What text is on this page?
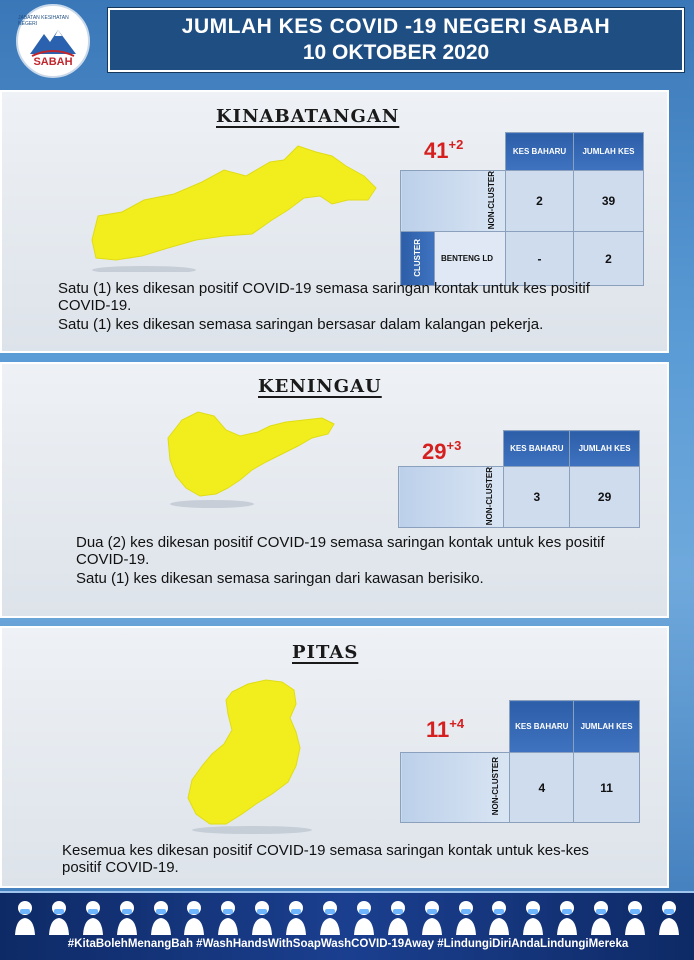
JABATAN KESIHATAN NEGERI
SABAH
JUMLAH KES COVID -19 NEGERI SABAH
10 OKTOBER 2020
KINABATANGAN
$41^{+2}$
		KES BAHARU	JUMLAH KES
NON-CLUSTER		2	39
CLUSTER	BENTENG LD	-	2

Satu (1) kes dikesan positif COVID-19 semasa saringan kontak untuk kes positif COVID-19.

Satu (1) kes dikesan semasa saringan bersasar dalam kalangan pekerja.

KENINGAU
$29^{+3}$
		KES BAHARU	JUMLAH KES
NON-CLUSTER	3	29

Dua (2) kes dikesan positif COVID-19 semasa saringan kontak untuk kes positif COVID-19.

Satu (1) kes dikesan semasa saringan dari kawasan berisiko.

PITAS
$11^{+4}$
		KES BAHARU	JUMLAH KES
NON-CLUSTER	4	11

Kesemua kes dikesan positif COVID-19 semasa saringan kontak untuk kes-kes positif COVID-19.

#KitaBolehMenangBah #WashHandsWithSoapWashCOVID-19Away #LindungiDiriAndaLindungiMereka
